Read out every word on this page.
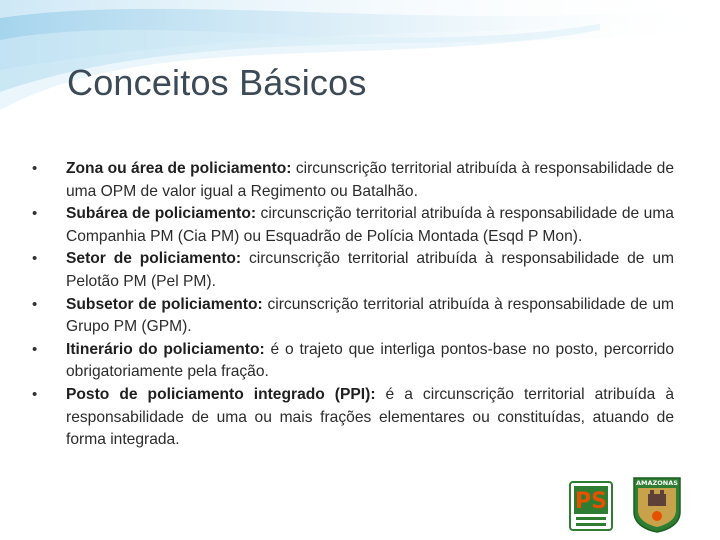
Conceitos Básicos
• Zona ou área de policiamento: circunscrição territorial atribuída à responsabilidade de uma OPM de valor igual a Regimento ou Batalhão.
• Subárea de policiamento: circunscrição territorial atribuída à responsabilidade de uma Companhia PM (Cia PM) ou Esquadrão de Polícia Montada (Esqd P Mon).
• Setor de policiamento: circunscrição territorial atribuída à responsabilidade de um Pelotão PM (Pel PM).
• Subsetor de policiamento: circunscrição territorial atribuída à responsabilidade de um Grupo PM (GPM).
• Itinerário do policiamento: é o trajeto que interliga pontos-base no posto, percorrido obrigatoriamente pela fração.
• Posto de policiamento integrado (PPI): é a circunscrição territorial atribuída à responsabilidade de uma ou mais frações elementares ou constituídas, atuando de forma integrada.
PS
AMAZONAS
